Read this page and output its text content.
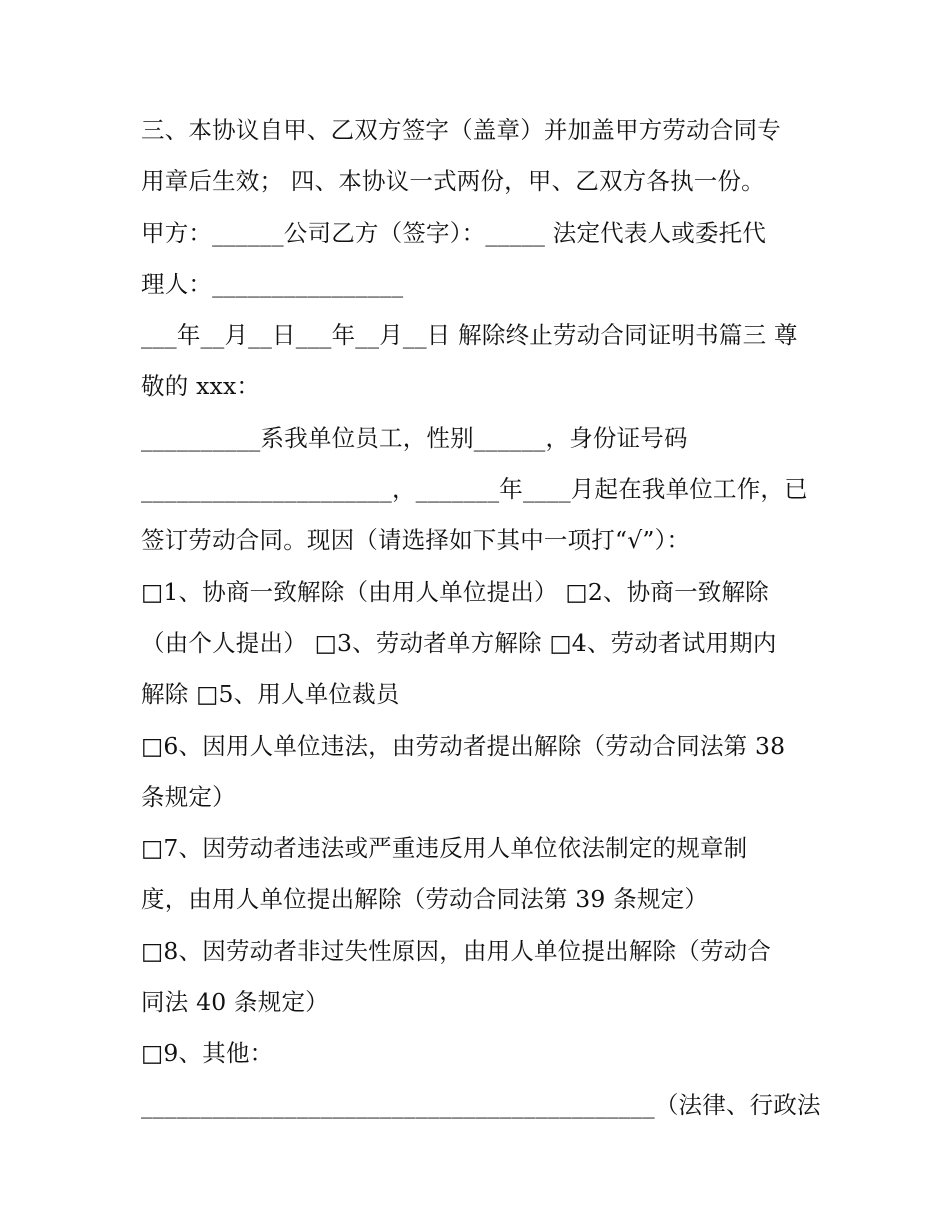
三、本协议自甲、乙双方签字（盖章）并加盖甲方劳动合同专
用章后生效； 四、本协议一式两份，甲、乙双方各执一份。
甲方：______公司乙方（签字）：_____ 法定代表人或委托代
理人：________________
___年__月__日___年__月__日 解除终止劳动合同证明书篇三 尊
敬的 xxx：
__________系我单位员工，性别______，身份证号码
_____________________，_______年____月起在我单位工作，已
签订劳动合同。现因（请选择如下其中一项打“√”）：
□1、协商一致解除（由用人单位提出） □2、协商一致解除
（由个人提出） □3、劳动者单方解除 □4、劳动者试用期内
解除 □5、用人单位裁员
□6、因用人单位违法，由劳动者提出解除（劳动合同法第 38
条规定）
□7、因劳动者违法或严重违反用人单位依法制定的规章制
度，由用人单位提出解除（劳动合同法第 39 条规定）
□8、因劳动者非过失性原因，由用人单位提出解除（劳动合
同法 40 条规定）
□9、其他：
___________________________________________（法律、行政法
